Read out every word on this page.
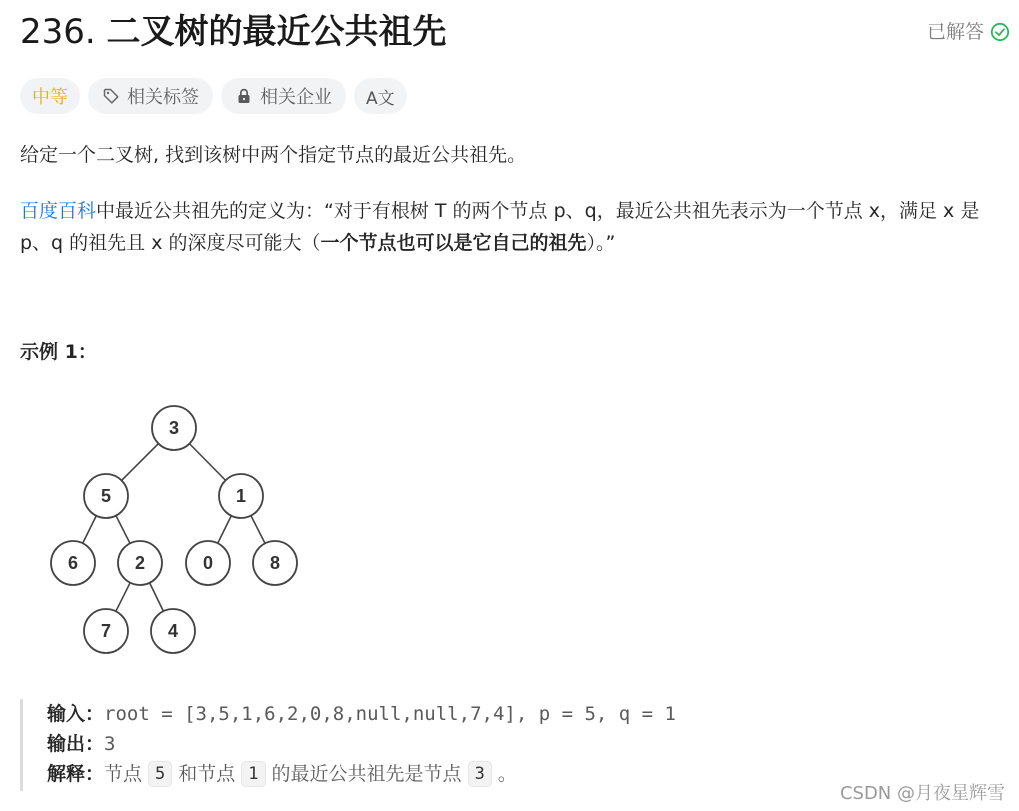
236. 二叉树的最近公共祖先	已解答
中等	相关标签	相关企业	A文

给定一个二叉树, 找到该树中两个指定节点的最近公共祖先。

百度百科中最近公共祖先的定义为：“对于有根树 T 的两个节点 p、q，最近公共祖先表示为一个节点 x，满足 x 是 p、q 的祖先且 x 的深度尽可能大（一个节点也可以是它自己的祖先）。”

示例 1：

3
5	1
6	2	0	8
7	4
输入： root = [3,5,1,6,2,0,8,null,null,7,4], p = 5, q = 1
输出： 3
解释： 节点 5 和节点 1 的最近公共祖先是节点 3 。
CSDN @月夜星辉雪
